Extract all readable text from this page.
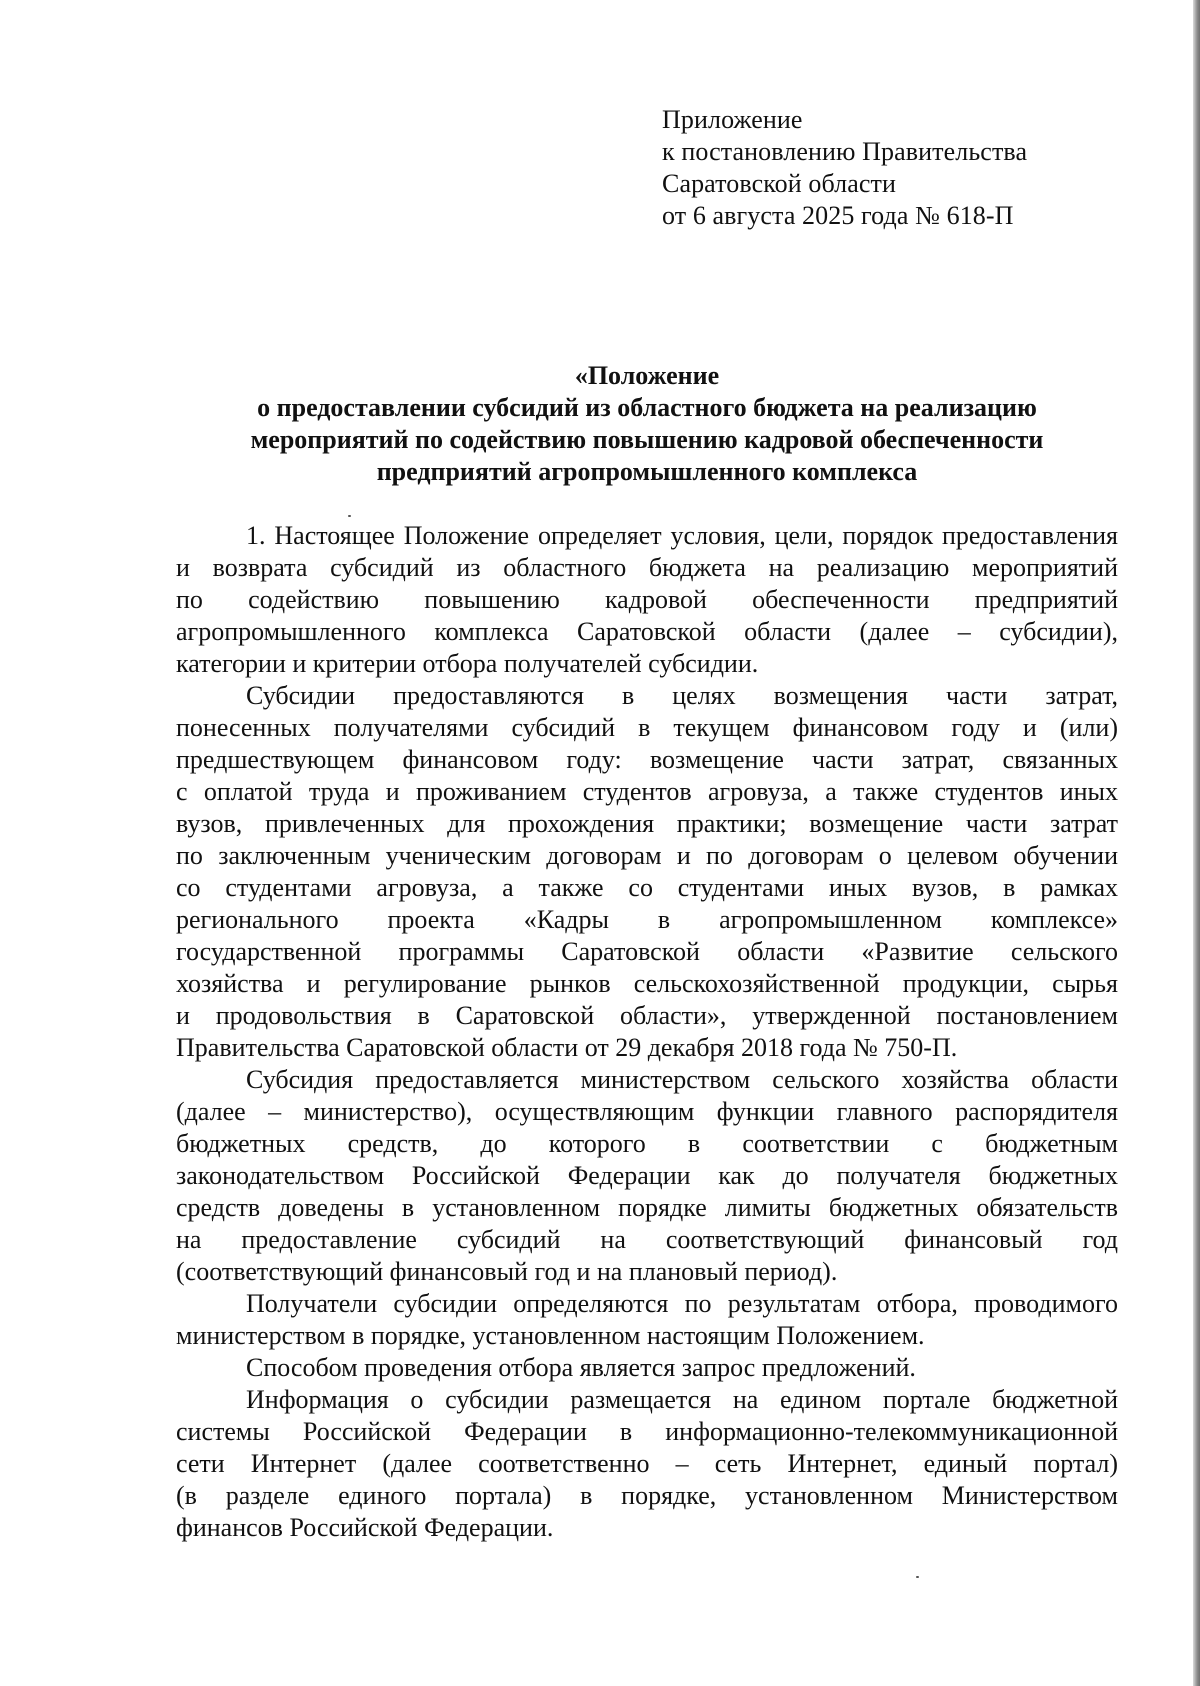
Приложение
к постановлению Правительства
Саратовской области
от 6 августа 2025 года № 618-П
«Положение
о предоставлении субсидий из областного бюджета на реализацию
мероприятий по содействию повышению кадровой обеспеченности
предприятий агропромышленного комплекса
1. Настоящее Положение определяет условия, цели, порядок предоставления
и возврата субсидий из областного бюджета на реализацию мероприятий
по содействию повышению кадровой обеспеченности предприятий
агропромышленного комплекса Саратовской области (далее – субсидии),
категории и критерии отбора получателей субсидии.
Субсидии предоставляются в целях возмещения части затрат,
понесенных получателями субсидий в текущем финансовом году и (или)
предшествующем финансовом году: возмещение части затрат, связанных
с оплатой труда и проживанием студентов агровуза, а также студентов иных
вузов, привлеченных для прохождения практики; возмещение части затрат
по заключенным ученическим договорам и по договорам о целевом обучении
со студентами агровуза, а также со студентами иных вузов, в рамках
регионального проекта «Кадры в агропромышленном комплексе»
государственной программы Саратовской области «Развитие сельского
хозяйства и регулирование рынков сельскохозяйственной продукции, сырья
и продовольствия в Саратовской области», утвержденной постановлением
Правительства Саратовской области от 29 декабря 2018 года № 750-П.
Субсидия предоставляется министерством сельского хозяйства области
(далее – министерство), осуществляющим функции главного распорядителя
бюджетных средств, до которого в соответствии с бюджетным
законодательством Российской Федерации как до получателя бюджетных
средств доведены в установленном порядке лимиты бюджетных обязательств
на предоставление субсидий на соответствующий финансовый год
(соответствующий финансовый год и на плановый период).
Получатели субсидии определяются по результатам отбора, проводимого
министерством в порядке, установленном настоящим Положением.
Способом проведения отбора является запрос предложений.
Информация о субсидии размещается на едином портале бюджетной
системы Российской Федерации в информационно-телекоммуникационной
сети Интернет (далее соответственно – сеть Интернет, единый портал)
(в разделе единого портала) в порядке, установленном Министерством
финансов Российской Федерации.
